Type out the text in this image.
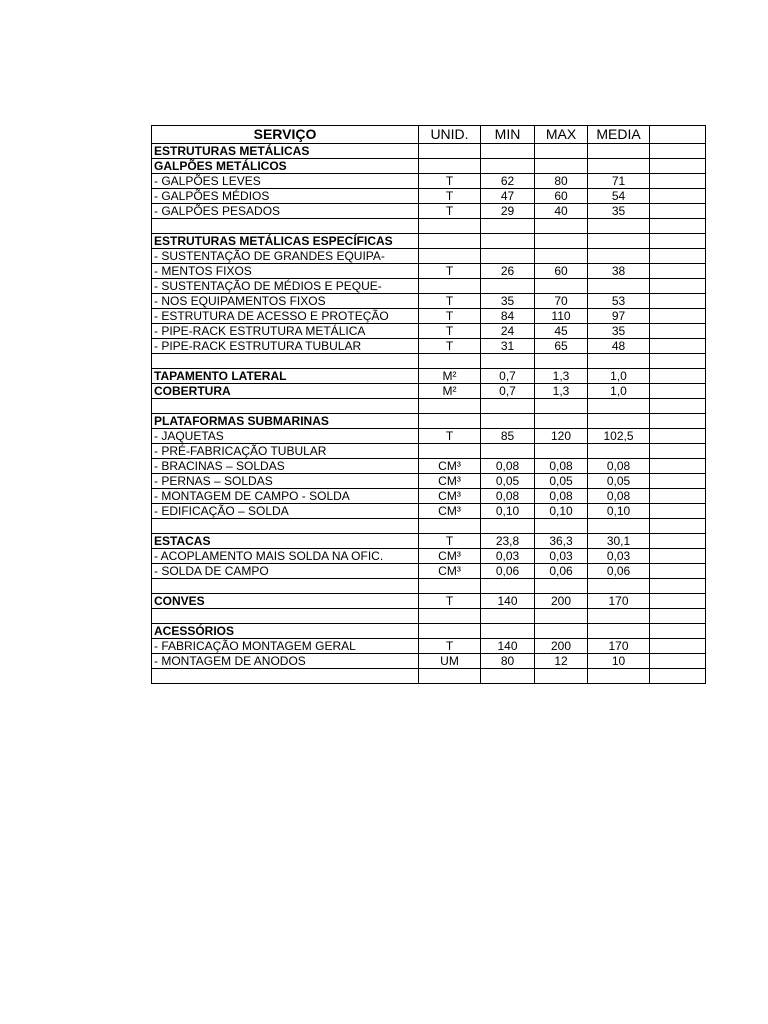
SERVIÇO	UNID.	MIN	MAX	MEDIA	
ESTRUTURAS METÁLICAS					
GALPÕES METÁLICOS					
- GALPÕES LEVES	T	62	80	71	
- GALPÕES MÉDIOS	T	47	60	54	
- GALPÕES PESADOS	T	29	40	35	

ESTRUTURAS METÁLICAS ESPECÍFICAS					
- SUSTENTAÇÃO DE GRANDES EQUIPA-					
- MENTOS FIXOS	T	26	60	38	
- SUSTENTAÇÃO DE MÉDIOS E PEQUE-					
- NOS EQUIPAMENTOS FIXOS	T	35	70	53	
- ESTRUTURA DE ACESSO E PROTEÇÃO	T	84	110	97	
- PIPE-RACK ESTRUTURA METÁLICA	T	24	45	35	
- PIPE-RACK ESTRUTURA TUBULAR	T	31	65	48	

TAPAMENTO LATERAL	M²	0,7	1,3	1,0	
COBERTURA	M²	0,7	1,3	1,0	

PLATAFORMAS SUBMARINAS					
- JAQUETAS	T	85	120	102,5	
- PRÉ-FABRICAÇÃO TUBULAR					
- BRACINAS – SOLDAS	CM³	0,08	0,08	0,08	
- PERNAS – SOLDAS	CM³	0,05	0,05	0,05	
- MONTAGEM DE CAMPO - SOLDA	CM³	0,08	0,08	0,08	
- EDIFICAÇÃO – SOLDA	CM³	0,10	0,10	0,10	

ESTACAS	T	23,8	36,3	30,1	
- ACOPLAMENTO MAIS SOLDA NA OFIC.	CM³	0,03	0,03	0,03	
- SOLDA DE CAMPO	CM³	0,06	0,06	0,06	

CONVES	T	140	200	170	

ACESSÓRIOS					
- FABRICAÇÃO MONTAGEM GERAL	T	140	200	170	
- MONTAGEM DE ANODOS	UM	80	12	10	
